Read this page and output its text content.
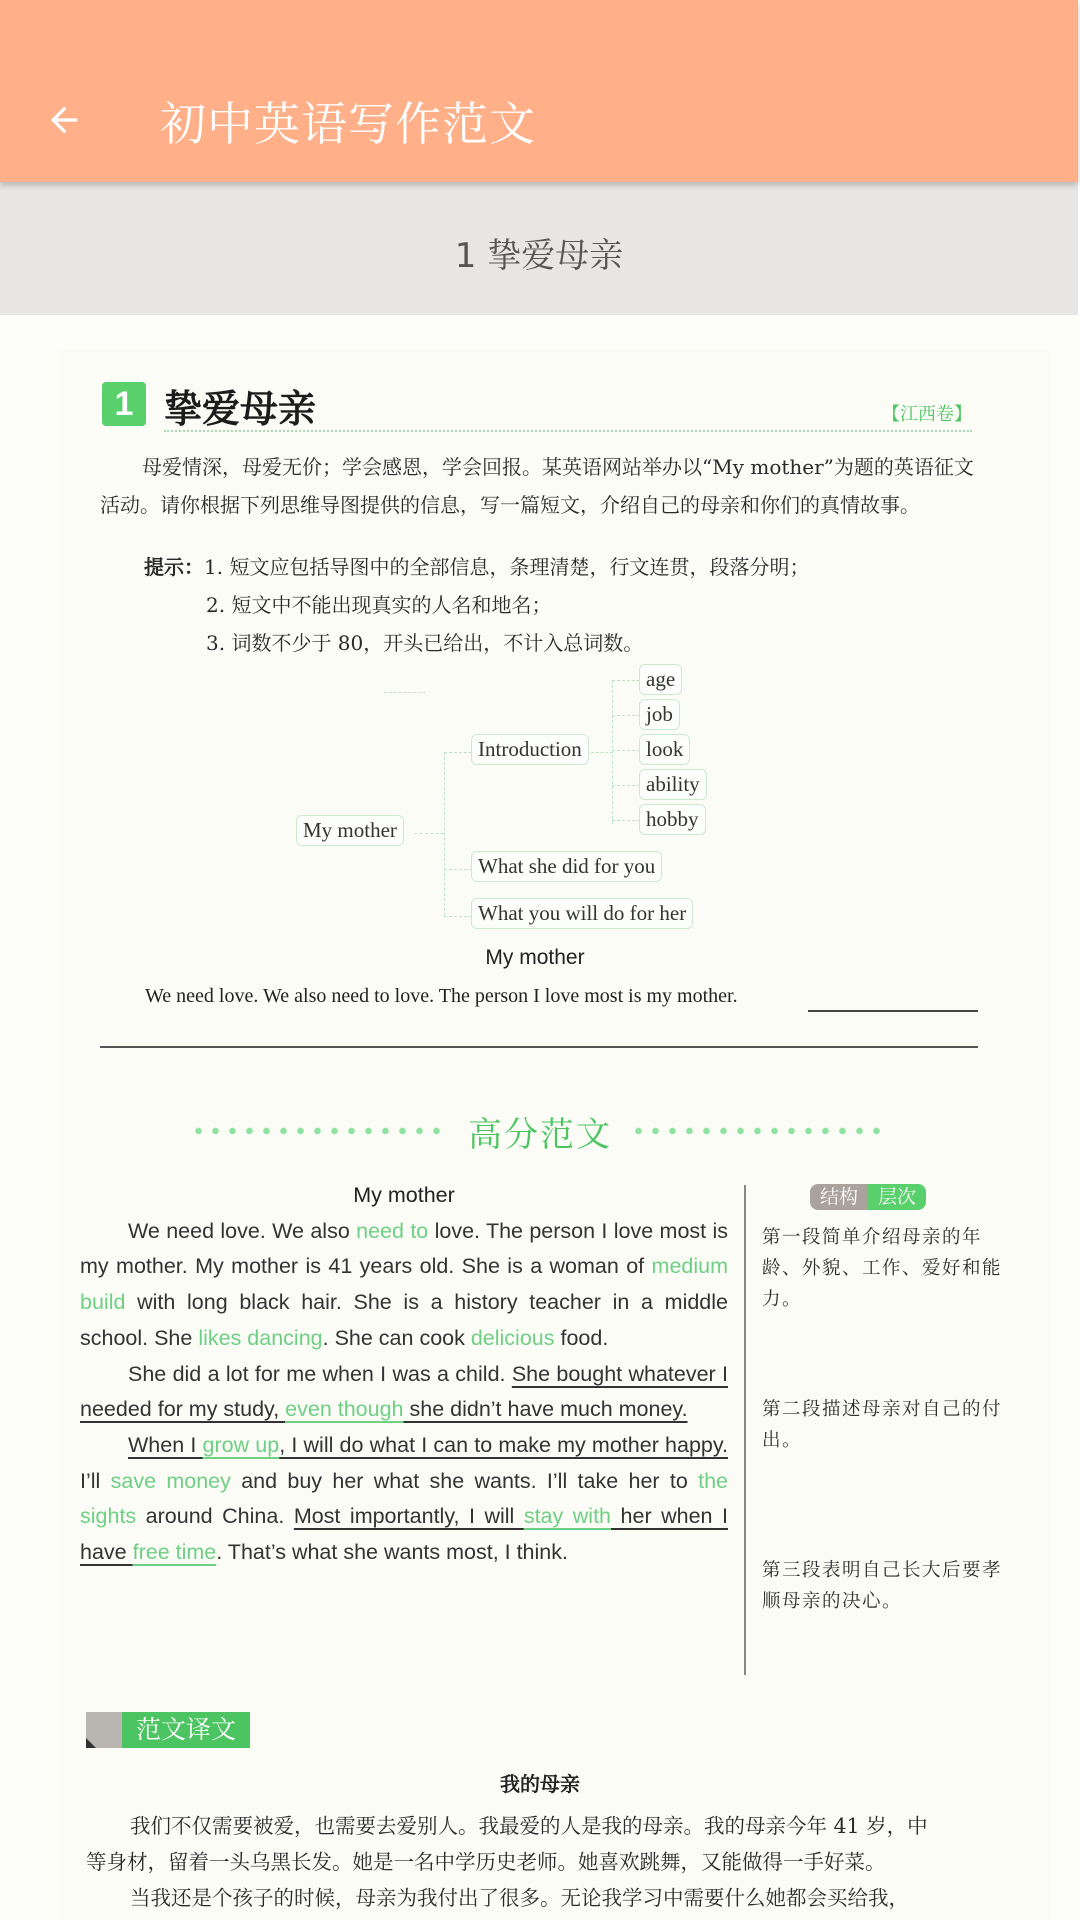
初中英语写作范文
1 挚爱母亲
1 挚爱母亲	【江西卷】

母爱情深，母爱无价；学会感恩，学会回报。某英语网站举办以“My mother”为题的英语征文

活动。请你根据下列思维导图提供的信息，写一篇短文，介绍自己的母亲和你们的真情故事。
提示：1. 短文应包括导图中的全部信息，条理清楚，行文连贯，段落分明；
2. 短文中不能出现真实的人名和地名；
3. 词数不少于 80，开头已给出，不计入总词数。
My mother
Introduction
What she did for you
What you will do for her
age
job
look
ability
hobby
My mother
We need love. We also need to love. The person I love most is my mother.
高分范文
My mother

We need love. We also need to love. The person I love most is my mother. My mother is 41 years old. She is a woman of medium build with long black hair. She is a history teacher in a middle school. She likes dancing. She can cook delicious food.

She did a lot for me when I was a child. She bought whatever I needed for my study, even though she didn’t have much money.

When I grow up, I will do what I can to make my mother happy. I’ll save money and buy her what she wants. I’ll take her to the sights around China. Most importantly, I will stay with her when I have free time. That’s what she wants most, I think.

结构	层次
第一段简单介绍母亲的年龄、外貌、工作、爱好和能力。
第二段描述母亲对自己的付出。
第三段表明自己长大后要孝顺母亲的决心。
范文译文
我的母亲
我们不仅需要被爱，也需要去爱别人。我最爱的人是我的母亲。我的母亲今年 41 岁，中
等身材，留着一头乌黑长发。她是一名中学历史老师。她喜欢跳舞，又能做得一手好菜。
当我还是个孩子的时候，母亲为我付出了很多。无论我学习中需要什么她都会买给我，
